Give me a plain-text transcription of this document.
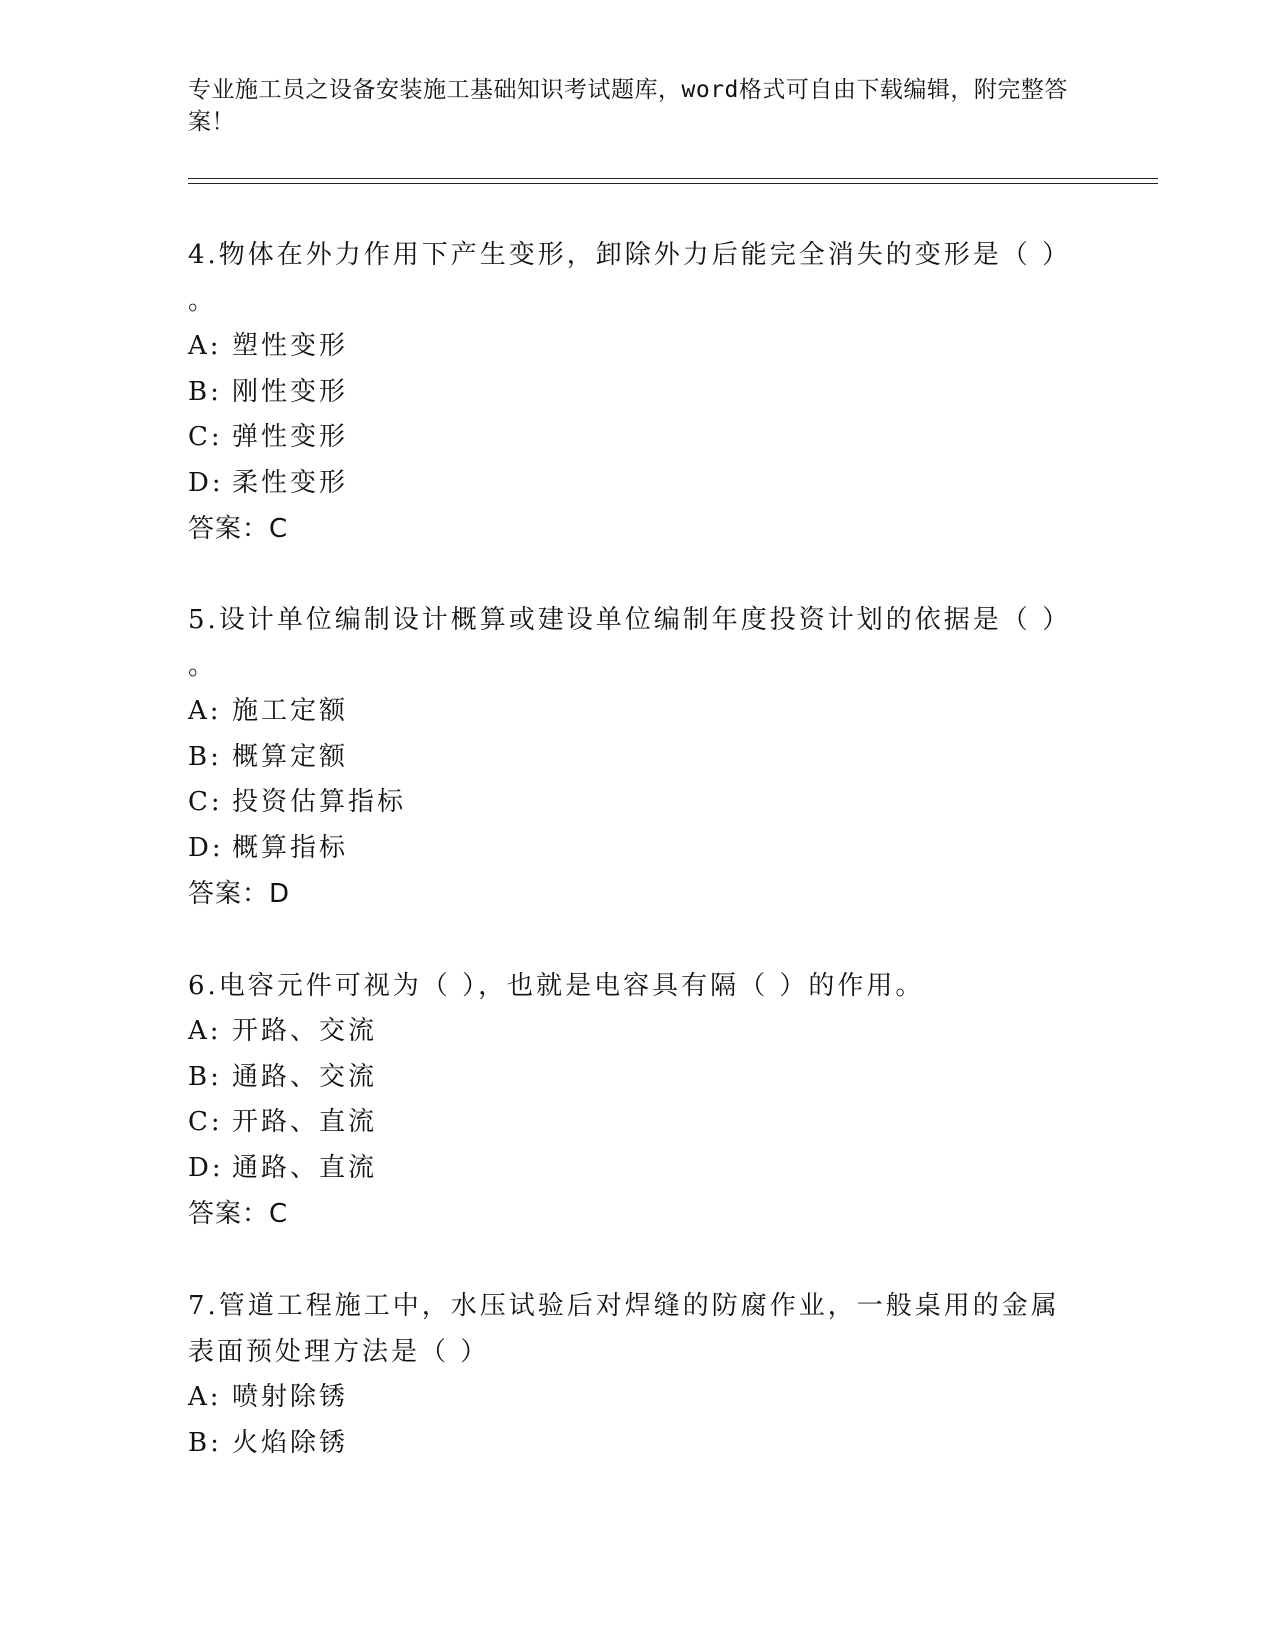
专业施工员之设备安装施工基础知识考试题库，word格式可自由下载编辑，附完整答案！

4.物体在外力作用下产生变形，卸除外力后能完全消失的变形是（ ）

。

A: 塑性变形

B: 刚性变形

C: 弹性变形

D: 柔性变形

答案：C

5.设计单位编制设计概算或建设单位编制年度投资计划的依据是（ ）

。

A: 施工定额

B: 概算定额

C: 投资估算指标

D: 概算指标

答案：D

6.电容元件可视为（ ），也就是电容具有隔（ ）的作用。

A: 开路、交流

B: 通路、交流

C: 开路、直流

D: 通路、直流

答案：C

7.管道工程施工中，水压试验后对焊缝的防腐作业，一般桌用的金属表面预处理方法是（ ）

A: 喷射除锈

B: 火焰除锈
